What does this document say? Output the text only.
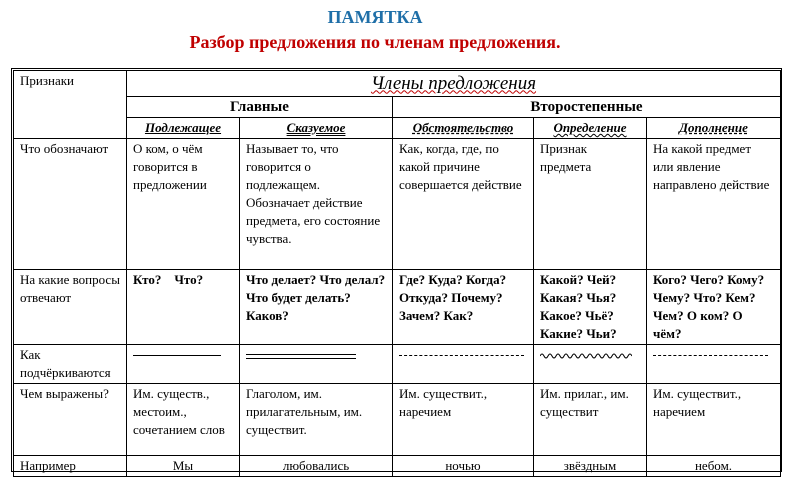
ПАМЯТКА
Разбор предложения по членам предложения.
Признаки	Члены предложения				
	Главные		Второстепенные		
	Подлежащее	Сказуемое	Обстоятельство	Определение	Дополнение
Что обозначают	О ком, о чём говорится в предложении	Называет то, что говорится о подлежащем. Обозначает действие предмета, его состояние чувства.	Как, когда, где, по какой причине совершается действие	Признак предмета	На какой предмет или явление направлено действие
На какие вопросы отвечают	Кто?    Что?	Что делает? Что делал? Что будет делать? Каков?	Где? Куда? Когда? Откуда? Почему? Зачем? Как?	Какой? Чей? Какая? Чья? Какое? Чьё? Какие? Чьи?	Кого? Чего? Кому? Чему? Что? Кем? Чем? О ком? О чём?
Как подчёркиваются	

Чем выражены?	Им. существ., местоим., сочетанием слов	Глаголом, им. прилагательным, им. существит.	Им. существит., наречием	Им. прилаг., им. существит	Им. существит., наречием
Например	Мы	любовались	ночью	звёздным	небом.
